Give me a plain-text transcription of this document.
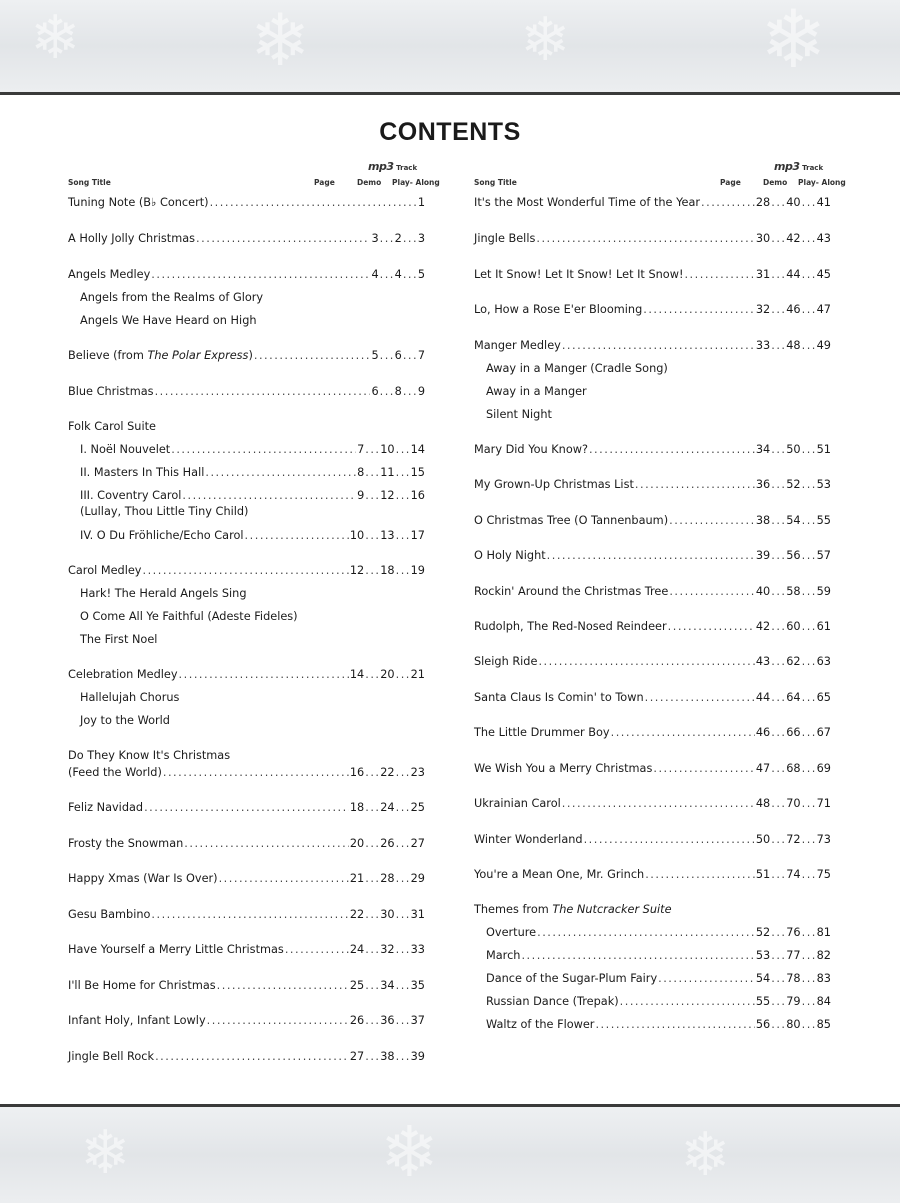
❄ ❄	❄ ❄
❄	❄	❄
CONTENTS
Song Title
mp3 Track
Page	Demo Play- Along
Tuning Note (B♭ Concert) .....	1
A Holly Jolly Christmas .....	3 ..... 2 ..... 3
Angels Medley .....	4 ..... 4 ..... 5
Angels from the Realms of Glory
Angels We Have Heard on High
Believe (from The Polar Express) .....	5 ..... 6 ..... 7
Blue Christmas .....	6 ..... 8 ..... 9
Folk Carol Suite
I. Noël Nouvelet .....	7 ..... 10 ..... 14
II. Masters In This Hall .....	8 ..... 11 ..... 15
III. Coventry Carol .....	9 ..... 12 ..... 16
(Lullay, Thou Little Tiny Child)
IV. O Du Fröhliche/Echo Carol .....	10 ..... 13 ..... 17
Carol Medley .....	12 ..... 18 ..... 19
Hark! The Herald Angels Sing
O Come All Ye Faithful (Adeste Fideles)
The First Noel
Celebration Medley .....	14 ..... 20 ..... 21
Hallelujah Chorus
Joy to the World
Do They Know It's Christmas
(Feed the World) .....	16 ..... 22 ..... 23
Feliz Navidad .....	18 ..... 24 ..... 25
Frosty the Snowman .....	20 ..... 26 ..... 27
Happy Xmas (War Is Over) .....	21 ..... 28 ..... 29
Gesu Bambino .....	22 ..... 30 ..... 31
Have Yourself a Merry Little Christmas .....	24 ..... 32 ..... 33
I'll Be Home for Christmas .....	25 ..... 34 ..... 35
Infant Holy, Infant Lowly .....	26 ..... 36 ..... 37
Jingle Bell Rock .....	27 ..... 38 ..... 39
Song Title
mp3 Track
Page	Demo Play- Along
It's the Most Wonderful Time of the Year .....	28 ..... 40 ..... 41
Jingle Bells .....	30 ..... 42 ..... 43
Let It Snow! Let It Snow! Let It Snow! .....	31 ..... 44 ..... 45
Lo, How a Rose E'er Blooming .....	32 ..... 46 ..... 47
Manger Medley .....	33 ..... 48 ..... 49
Away in a Manger (Cradle Song)
Away in a Manger
Silent Night
Mary Did You Know? .....	34 ..... 50 ..... 51
My Grown-Up Christmas List .....	36 ..... 52 ..... 53
O Christmas Tree (O Tannenbaum) .....	38 ..... 54 ..... 55
O Holy Night .....	39 ..... 56 ..... 57
Rockin' Around the Christmas Tree .....	40 ..... 58 ..... 59
Rudolph, The Red-Nosed Reindeer .....	42 ..... 60 ..... 61
Sleigh Ride .....	43 ..... 62 ..... 63
Santa Claus Is Comin' to Town .....	44 ..... 64 ..... 65
The Little Drummer Boy .....	46 ..... 66 ..... 67
We Wish You a Merry Christmas .....	47 ..... 68 ..... 69
Ukrainian Carol .....	48 ..... 70 ..... 71
Winter Wonderland .....	50 ..... 72 ..... 73
You're a Mean One, Mr. Grinch .....	51 ..... 74 ..... 75
Themes from The Nutcracker Suite
Overture .....	52 ..... 76 ..... 81
March .....	53 ..... 77 ..... 82
Dance of the Sugar-Plum Fairy .....	54 ..... 78 ..... 83
Russian Dance (Trepak) .....	55 ..... 79 ..... 84
Waltz of the Flower .....	56 ..... 80 ..... 85
